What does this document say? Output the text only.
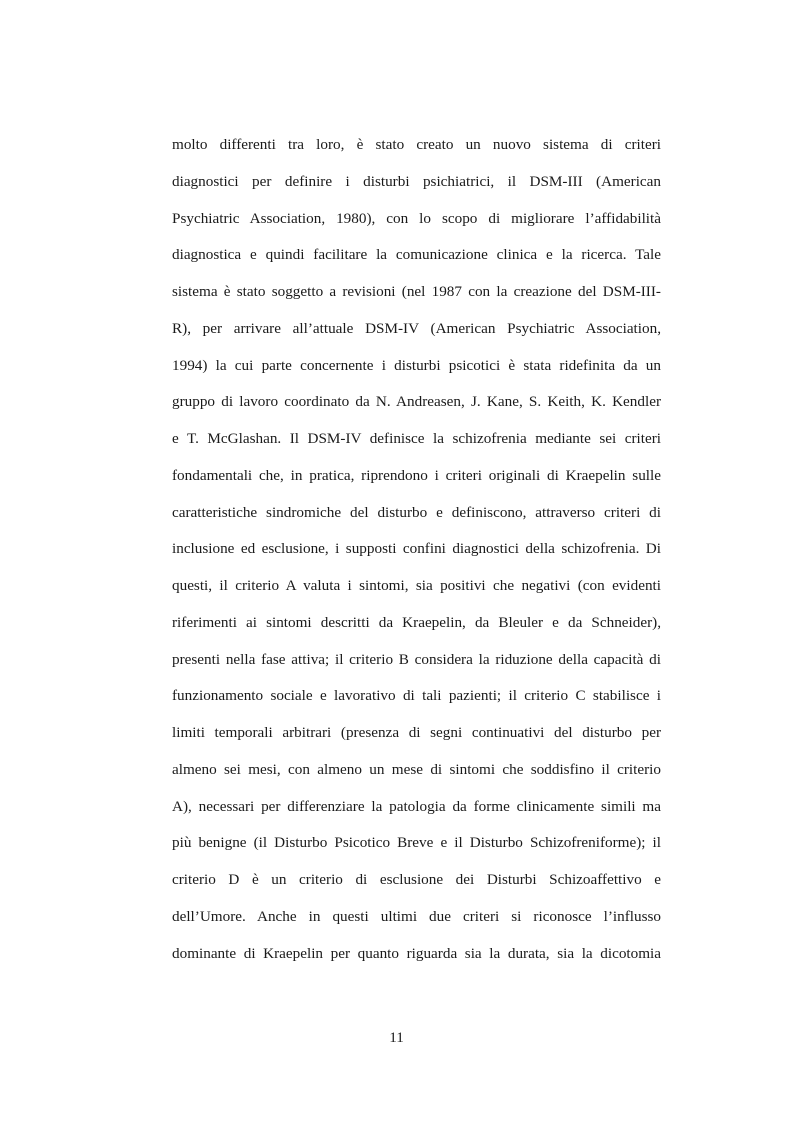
molto differenti tra loro, è stato creato un nuovo sistema di criteri
diagnostici per definire i disturbi psichiatrici, il DSM-III (American
Psychiatric Association, 1980), con lo scopo di migliorare l’affidabilità
diagnostica e quindi facilitare la comunicazione clinica e la ricerca. Tale
sistema è stato soggetto a revisioni (nel 1987 con la creazione del DSM-III-
R), per arrivare all’attuale DSM-IV (American Psychiatric Association,
1994) la cui parte concernente i disturbi psicotici è stata ridefinita da un
gruppo di lavoro coordinato da N. Andreasen, J. Kane, S. Keith, K. Kendler
e T. McGlashan. Il DSM-IV definisce la schizofrenia mediante sei criteri
fondamentali che, in pratica, riprendono i criteri originali di Kraepelin sulle
caratteristiche sindromiche del disturbo e definiscono, attraverso criteri di
inclusione ed esclusione, i supposti confini diagnostici della schizofrenia. Di
questi, il criterio A valuta i sintomi, sia positivi che negativi (con evidenti
riferimenti ai sintomi descritti da Kraepelin, da Bleuler e da Schneider),
presenti nella fase attiva; il criterio B considera la riduzione della capacità di
funzionamento sociale e lavorativo di tali pazienti; il criterio C stabilisce i
limiti temporali arbitrari (presenza di segni continuativi del disturbo per
almeno sei mesi, con almeno un mese di sintomi che soddisfino il criterio
A), necessari per differenziare la patologia da forme clinicamente simili ma
più benigne (il Disturbo Psicotico Breve e il Disturbo Schizofreniforme); il
criterio D è un criterio di esclusione dei Disturbi Schizoaffettivo e
dell’Umore. Anche in questi ultimi due criteri si riconosce l’influsso
dominante di Kraepelin per quanto riguarda sia la durata, sia la dicotomia
11
